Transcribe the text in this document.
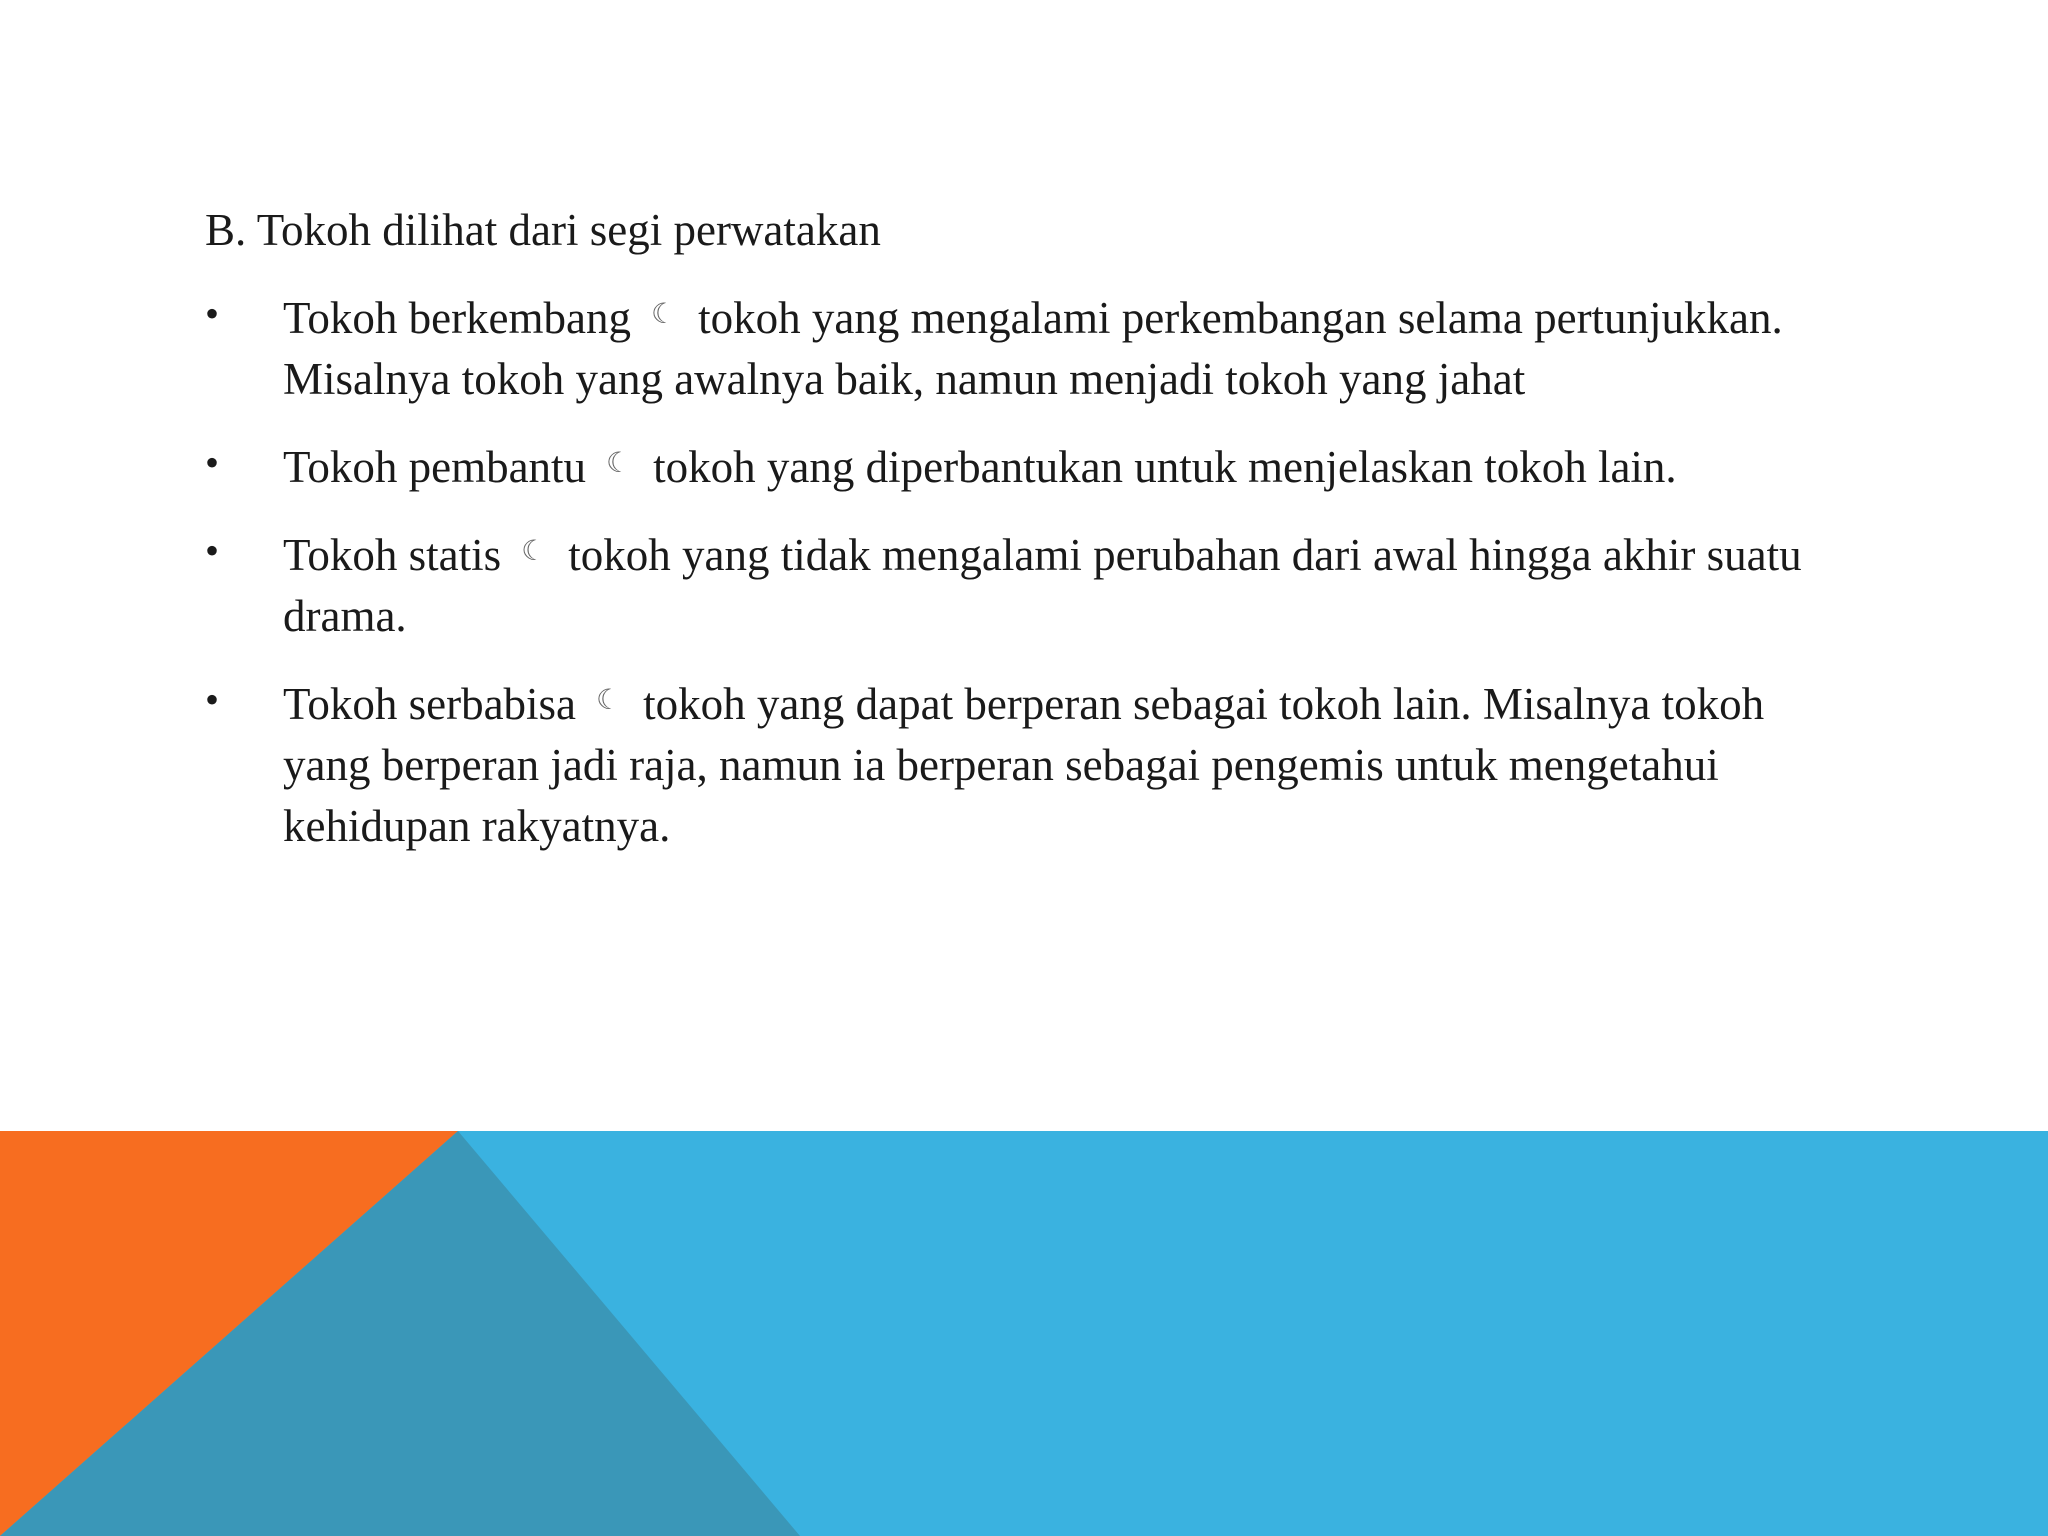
B. Tokoh dilihat dari segi perwatakan
•	Tokoh berkembang ☾ tokoh yang mengalami perkembangan selama pertunjukkan. Misalnya tokoh yang awalnya baik, namun menjadi tokoh yang jahat
•	Tokoh pembantu ☾ tokoh yang diperbantukan untuk menjelaskan tokoh lain.
•	Tokoh statis ☾ tokoh yang tidak mengalami perubahan dari awal hingga akhir suatu drama.
•	Tokoh serbabisa ☾ tokoh yang dapat berperan sebagai tokoh lain. Misalnya tokoh yang berperan jadi raja, namun ia berperan sebagai pengemis untuk mengetahui kehidupan rakyatnya.
